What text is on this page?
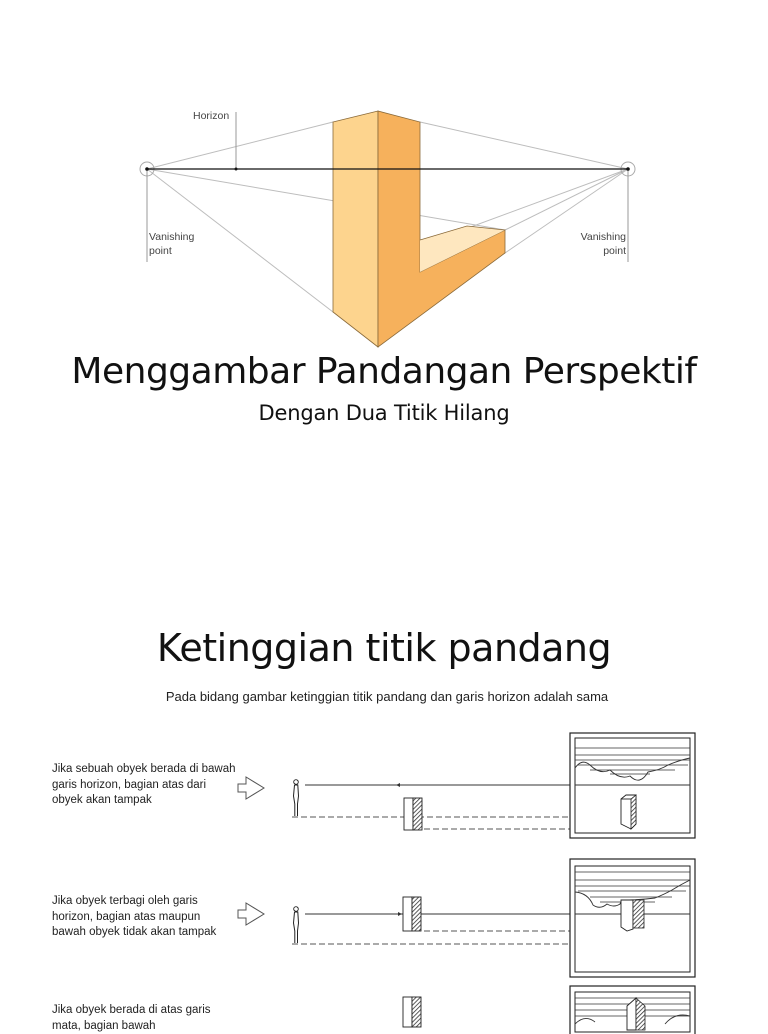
Horizon
Vanishing
point
Vanishing
point
Menggambar Pandangan Perspektif
Dengan Dua Titik Hilang
Ketinggian titik pandang
Pada bidang gambar ketinggian titik pandang dan garis horizon adalah sama
Jika sebuah obyek berada di bawah garis horizon, bagian atas dari obyek akan tampak
Jika obyek terbagi oleh garis horizon, bagian atas maupun bawah obyek tidak akan tampak
Jika obyek berada di atas garis mata, bagian bawah
